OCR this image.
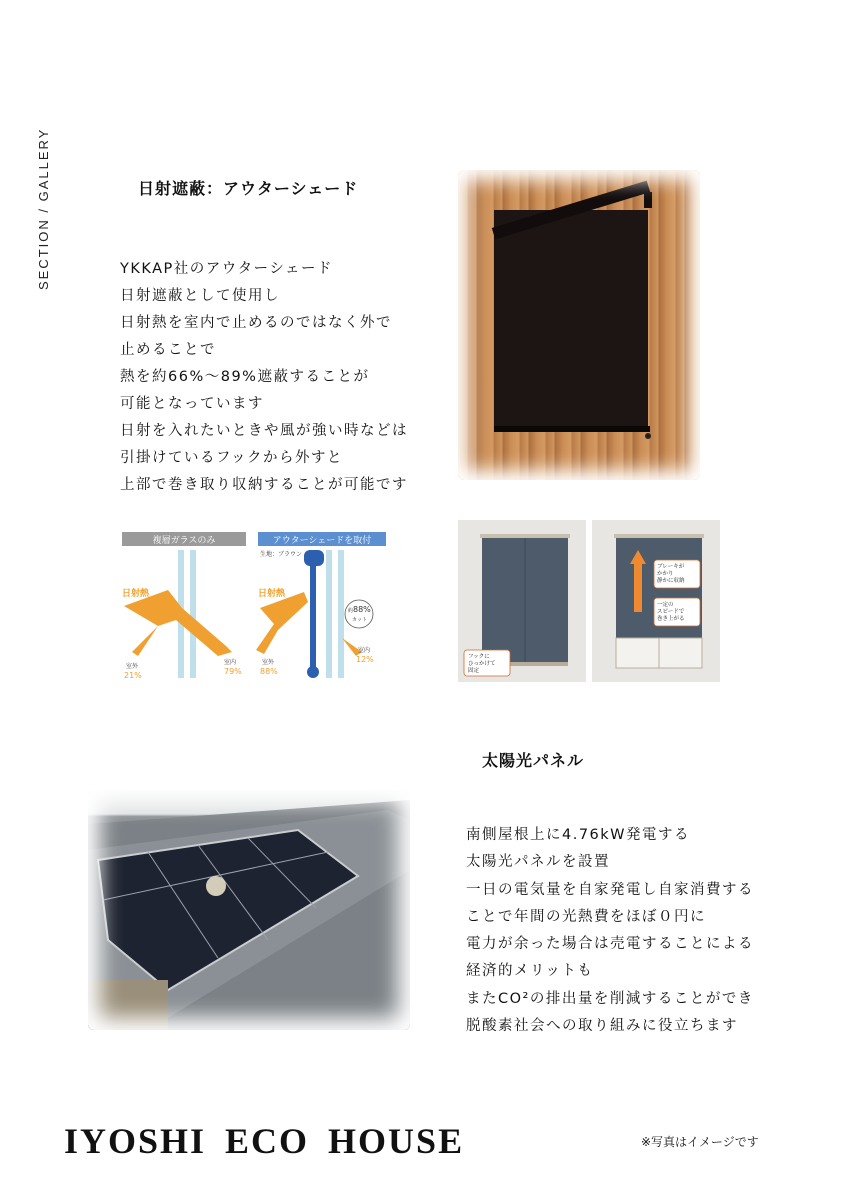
SECTION / GALLERY	日射遮蔽：アウターシェード
YKKAP社のアウターシェード
日射遮蔽として使用し
日射熱を室内で止めるのではなく外で
止めることで
熱を約66%～89%遮蔽することが
可能となっています
日射を入れたいときや風が強い時などは
引掛けているフックから外すと
上部で巻き取り収納することが可能です
複層ガラスのみ	アウターシェードを取付
生地：ブラウン
日射熱
室外
21%
室内
79%
日射熱
約 88%
カット
室外
88%
室内
12%	フックに
ひっかけて
固定
ブレーキが
かかり
静かに収納
一定の
スピードで
巻き上がる
太陽光パネル
南側屋根上に4.76kW発電する
太陽光パネルを設置
一日の電気量を自家発電し自家消費する
ことで年間の光熱費をほぼ０円に
電力が余った場合は売電することによる
経済的メリットも
またCO²の排出量を削減することができ
脱酸素社会への取り組みに役立ちます
IYOSHI ECO HOUSE	※写真はイメージです
